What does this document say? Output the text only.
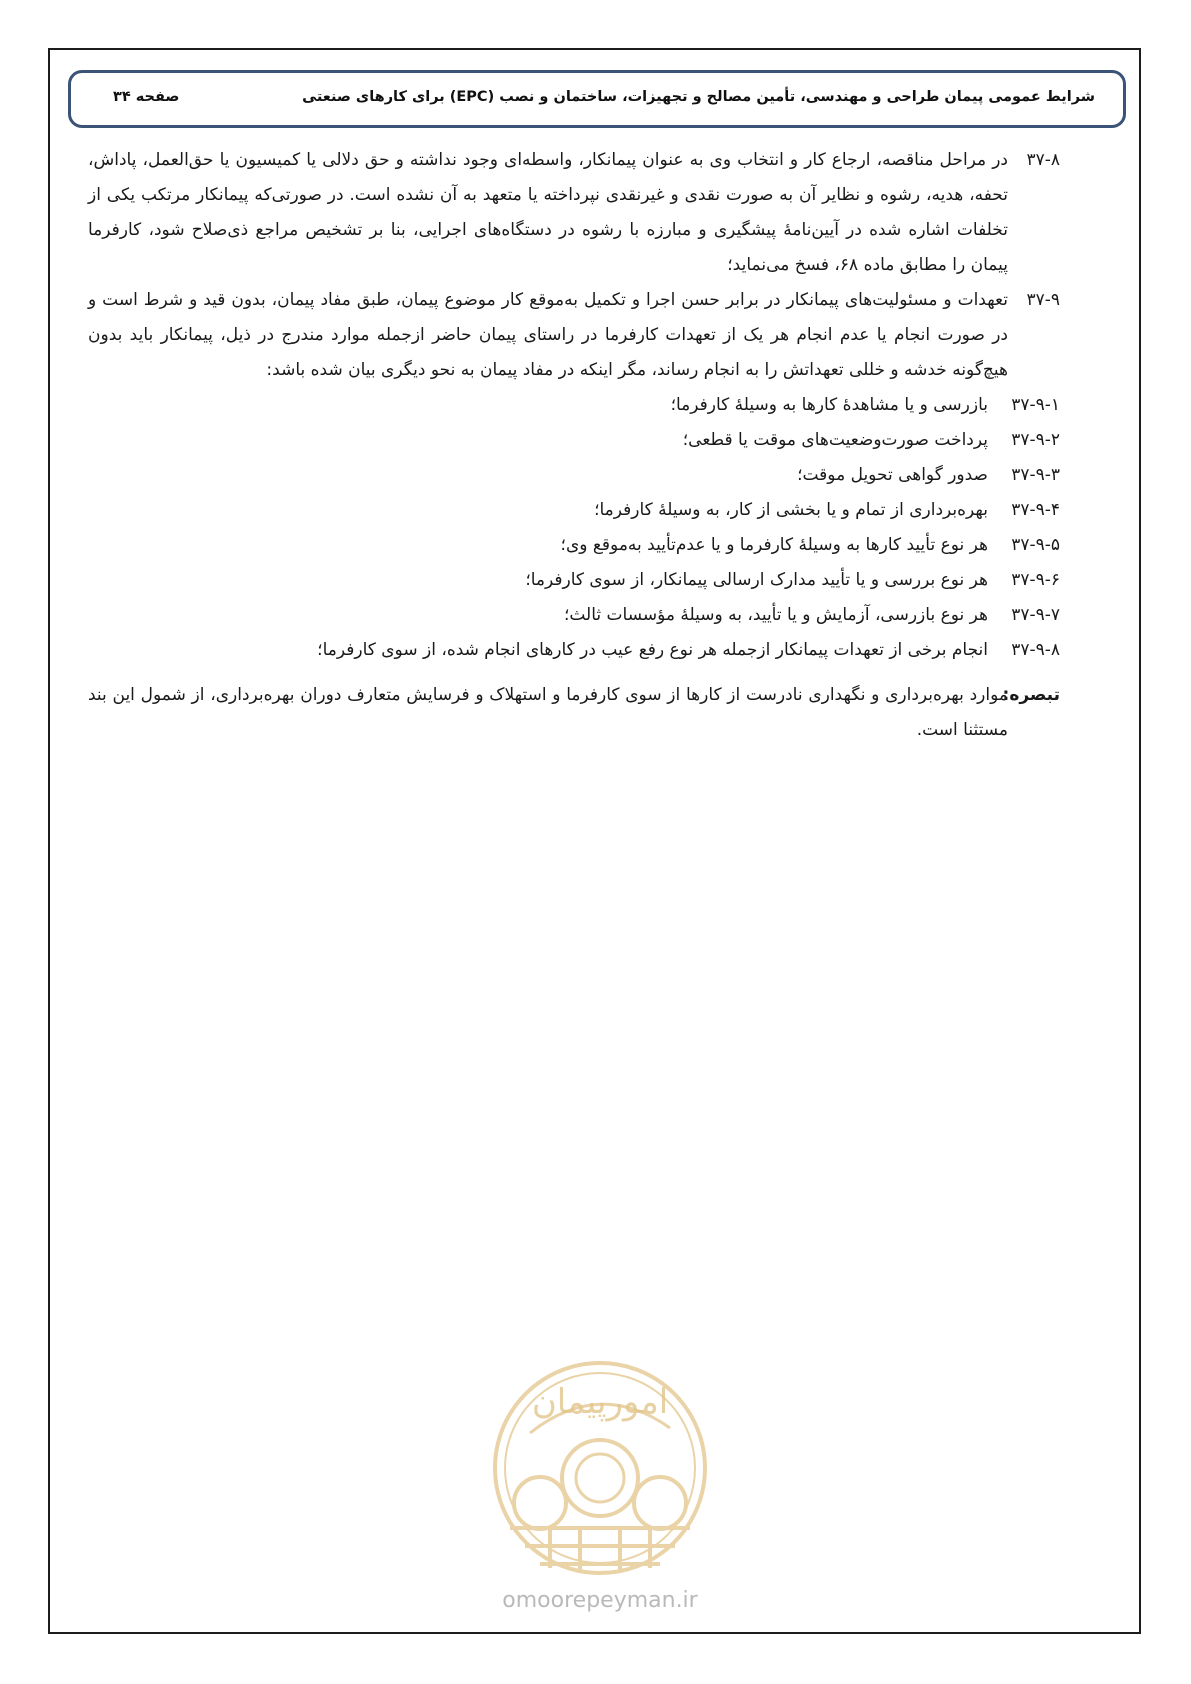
شرایط عمومی پیمان طراحی و مهندسی، تأمین مصالح و تجهیزات، ساختمان و نصب (EPC) برای کارهای صنعتی
صفحه ۳۴

۳۷-۸
در مراحل مناقصه، ارجاع کار و انتخاب وی به عنوان پیمانکار، واسطه‌ای وجود نداشته و حق دلالی یا کمیسیون یا حق‌العمل، پاداش، تحفه، هدیه، رشوه و نظایر آن به صورت نقدی و غیرنقدی نپرداخته یا متعهد به آن نشده است. در صورتی‌که پیمانکار مرتکب یکی از تخلفات اشاره شده در آیین‌نامهٔ پیشگیری و مبارزه با رشوه در دستگاه‌های اجرایی، بنا بر تشخیص مراجع ذی‌صلاح شود، کارفرما پیمان را مطابق ماده ۶۸، فسخ می‌نماید؛

۳۷-۹
تعهدات و مسئولیت‌های پیمانکار در برابر حسن اجرا و تکمیل به‌موقع کار موضوع پیمان، طبق مفاد پیمان، بدون قید و شرط است و در صورت انجام یا عدم انجام هر یک از تعهدات کارفرما در راستای پیمان حاضر ازجمله موارد مندرج در ذیل، پیمانکار باید بدون هیچ‌گونه خدشه و خللی تعهداتش را به انجام رساند، مگر اینکه در مفاد پیمان به نحو دیگری بیان شده باشد:

۳۷-۹-۱
بازرسی و یا مشاهدهٔ کارها به وسیلهٔ کارفرما؛

۳۷-۹-۲
پرداخت صورت‌وضعیت‌های موقت یا قطعی؛

۳۷-۹-۳
صدور گواهی تحویل موقت؛

۳۷-۹-۴
بهره‌برداری از تمام و یا بخشی از کار، به وسیلهٔ کارفرما؛

۳۷-۹-۵
هر نوع تأیید کارها به وسیلهٔ کارفرما و یا عدم‌تأیید به‌موقع وی؛

۳۷-۹-۶
هر نوع بررسی و یا تأیید مدارک ارسالی پیمانکار، از سوی کارفرما؛

۳۷-۹-۷
هر نوع بازرسی، آزمایش و یا تأیید، به وسیلهٔ مؤسسات ثالث؛

۳۷-۹-۸
انجام برخی از تعهدات پیمانکار ازجمله هر نوع رفع عیب در کارهای انجام شده، از سوی کارفرما؛

تبصره:
موارد بهره‌برداری و نگهداری نادرست از کارها از سوی کارفرما و استهلاک و فرسایش متعارف دوران بهره‌برداری، از شمول این بند مستثنا است.

امورپیمان
omoorepeyman.ir
